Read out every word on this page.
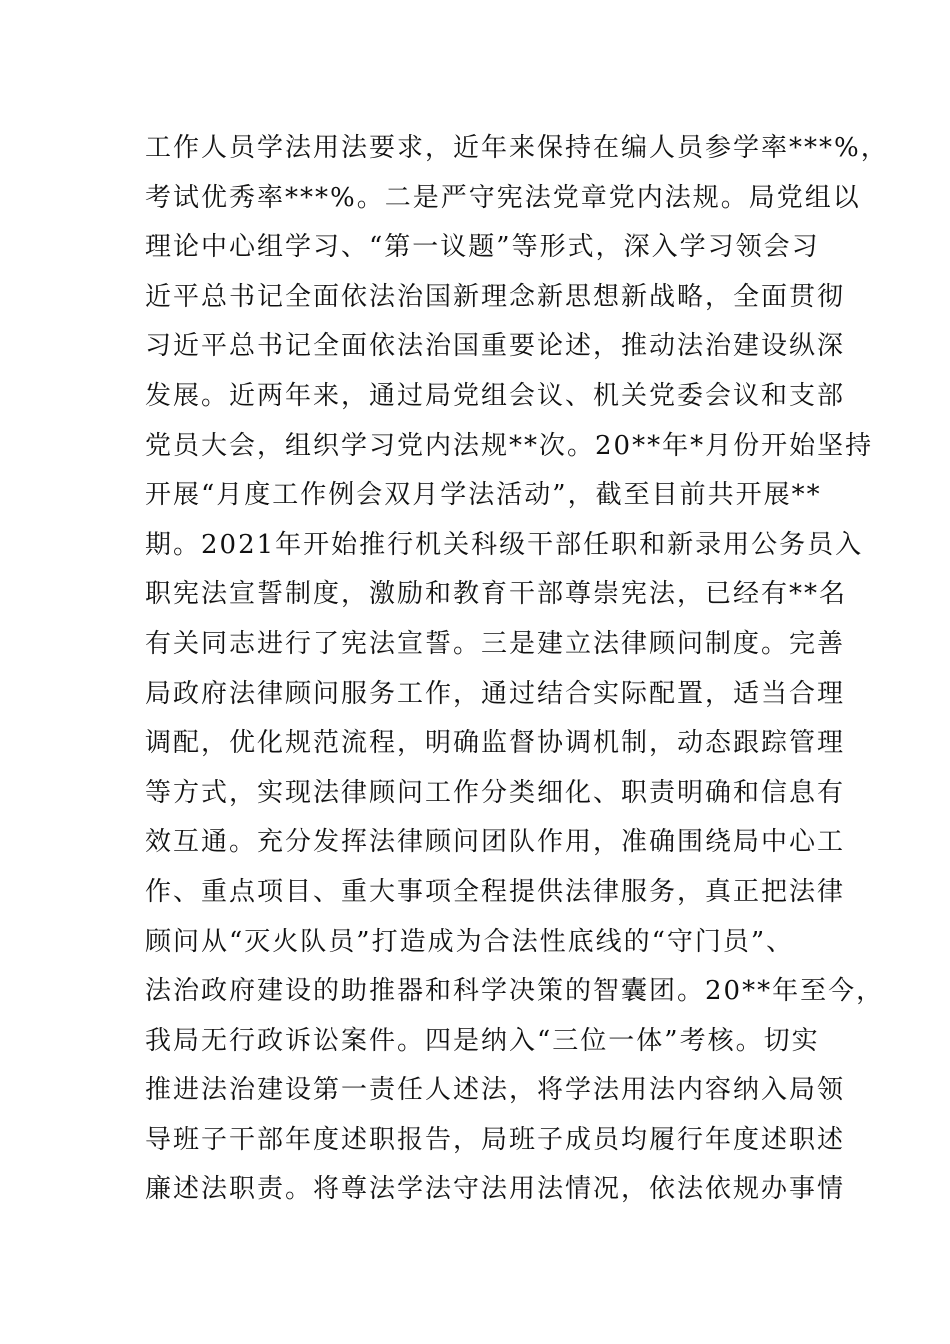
工作人员学法用法要求，近年来保持在编人员参学率***%，
考试优秀率***%。二是严守宪法党章党内法规。局党组以
理论中心组学习、“第一议题”等形式，深入学习领会习
近平总书记全面依法治国新理念新思想新战略，全面贯彻
习近平总书记全面依法治国重要论述，推动法治建设纵深
发展。近两年来，通过局党组会议、机关党委会议和支部
党员大会，组织学习党内法规**次。20**年*月份开始坚持
开展“月度工作例会双月学法活动”，截至目前共开展**
期。2021年开始推行机关科级干部任职和新录用公务员入
职宪法宣誓制度，激励和教育干部尊崇宪法，已经有**名
有关同志进行了宪法宣誓。三是建立法律顾问制度。完善
局政府法律顾问服务工作，通过结合实际配置，适当合理
调配，优化规范流程，明确监督协调机制，动态跟踪管理
等方式，实现法律顾问工作分类细化、职责明确和信息有
效互通。充分发挥法律顾问团队作用，准确围绕局中心工
作、重点项目、重大事项全程提供法律服务，真正把法律
顾问从“灭火队员”打造成为合法性底线的“守门员”、
法治政府建设的助推器和科学决策的智囊团。20**年至今，
我局无行政诉讼案件。四是纳入“三位一体”考核。切实
推进法治建设第一责任人述法，将学法用法内容纳入局领
导班子干部年度述职报告，局班子成员均履行年度述职述
廉述法职责。将尊法学法守法用法情况，依法依规办事情
